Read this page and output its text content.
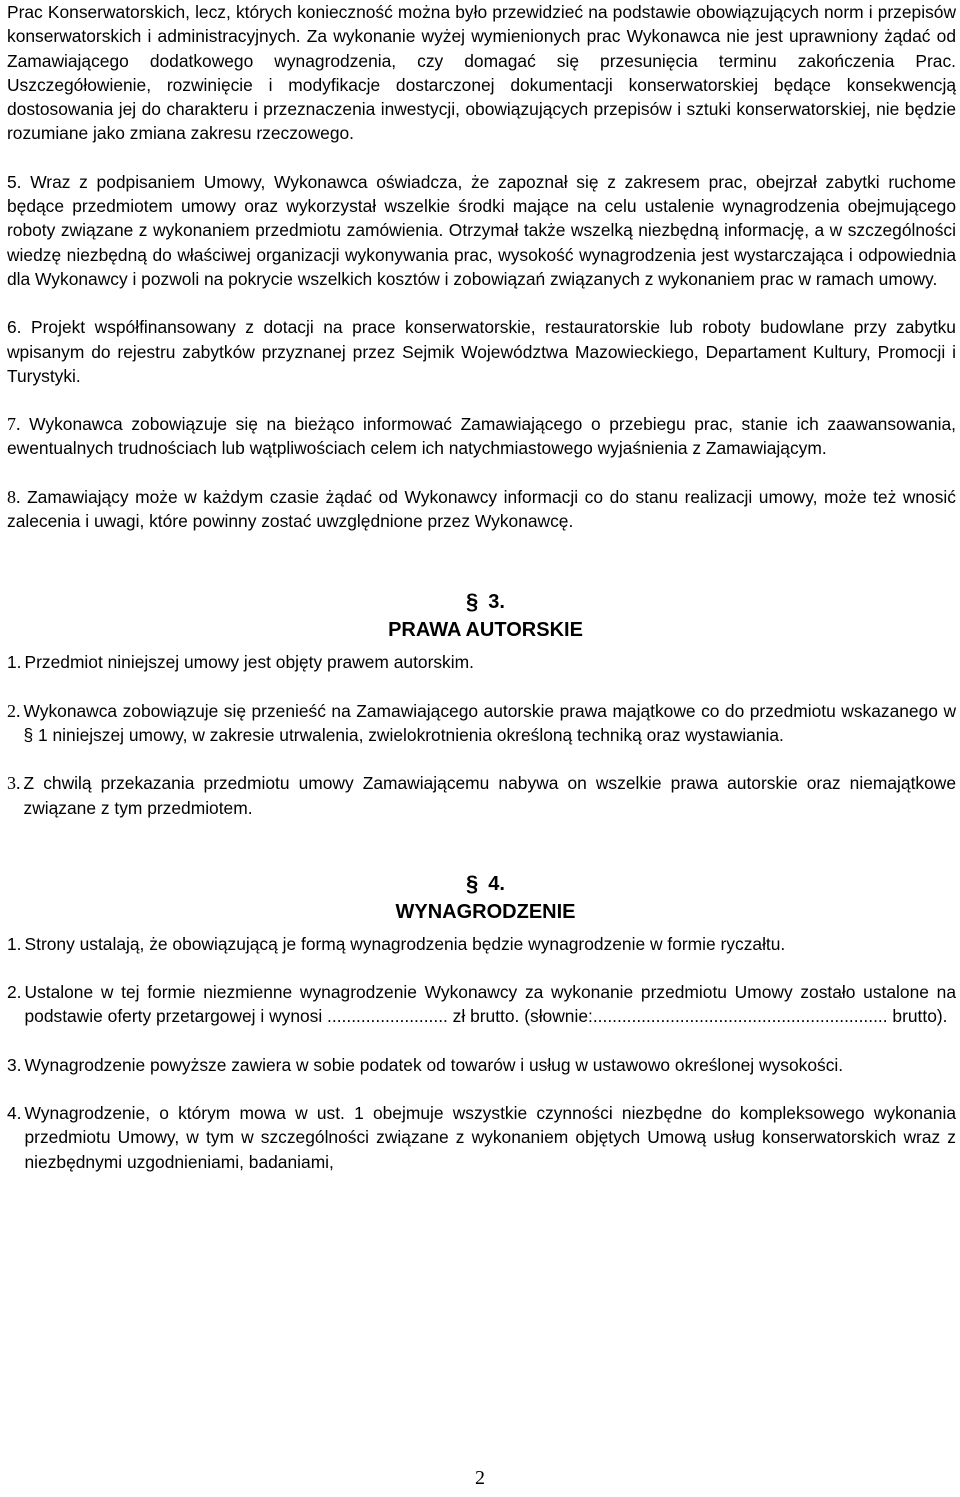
Prac Konserwatorskich, lecz, których konieczność można było przewidzieć na podstawie obowiązujących norm i przepisów konserwatorskich i administracyjnych. Za wykonanie wyżej wymienionych prac Wykonawca nie jest uprawniony żądać od Zamawiającego dodatkowego wynagrodzenia, czy domagać się przesunięcia terminu zakończenia Prac. Uszczegółowienie, rozwinięcie i modyfikacje dostarczonej dokumentacji konserwatorskiej będące konsekwencją dostosowania jej do charakteru i przeznaczenia inwestycji, obowiązujących przepisów i sztuki konserwatorskiej, nie będzie rozumiane jako zmiana zakresu rzeczowego.

5. Wraz z podpisaniem Umowy, Wykonawca oświadcza, że zapoznał się z zakresem prac, obejrzał zabytki ruchome będące przedmiotem umowy oraz wykorzystał wszelkie środki mające na celu ustalenie wynagrodzenia obejmującego roboty związane z wykonaniem przedmiotu zamówienia. Otrzymał także wszelką niezbędną informację, a w szczególności wiedzę niezbędną do właściwej organizacji wykonywania prac, wysokość wynagrodzenia jest wystarczająca i odpowiednia dla Wykonawcy i pozwoli na pokrycie wszelkich kosztów i zobowiązań związanych z wykonaniem prac w ramach umowy.

6. Projekt współfinansowany z dotacji na prace konserwatorskie, restauratorskie lub roboty budowlane przy zabytku wpisanym do rejestru zabytków przyznanej przez Sejmik Województwa Mazowieckiego, Departament Kultury, Promocji i Turystyki.

7. Wykonawca zobowiązuje się na bieżąco informować Zamawiającego o przebiegu prac, stanie ich zaawansowania, ewentualnych trudnościach lub wątpliwościach celem ich natychmiastowego wyjaśnienia z Zamawiającym.

8. Zamawiający może w każdym czasie żądać od Wykonawcy informacji co do stanu realizacji umowy, może też wnosić zalecenia i uwagi, które powinny zostać uwzględnione przez Wykonawcę.

§ 3.

PRAWA AUTORSKIE

1. Przedmiot niniejszej umowy jest objęty prawem autorskim.
2. Wykonawca zobowiązuje się przenieść na Zamawiającego autorskie prawa majątkowe co do przedmiotu wskazanego w § 1 niniejszej umowy, w zakresie utrwalenia, zwielokrotnienia określoną techniką oraz wystawiania.
3. Z chwilą przekazania przedmiotu umowy Zamawiającemu nabywa on wszelkie prawa autorskie oraz niemajątkowe związane z tym przedmiotem.

§ 4.

WYNAGRODZENIE

1. Strony ustalają, że obowiązującą je formą wynagrodzenia będzie wynagrodzenie w formie ryczałtu.
2. Ustalone w tej formie niezmienne wynagrodzenie Wykonawcy za wykonanie przedmiotu Umowy zostało ustalone na podstawie oferty przetargowej i wynosi ......................... zł brutto. (słownie:............................................................. brutto).
3. Wynagrodzenie powyższe zawiera w sobie podatek od towarów i usług w ustawowo określonej wysokości.
4. Wynagrodzenie, o którym mowa w ust. 1 obejmuje wszystkie czynności niezbędne do kompleksowego wykonania przedmiotu Umowy, w tym w szczególności związane z wykonaniem objętych Umową usług konserwatorskich wraz z niezbędnymi uzgodnieniami, badaniami,
2
